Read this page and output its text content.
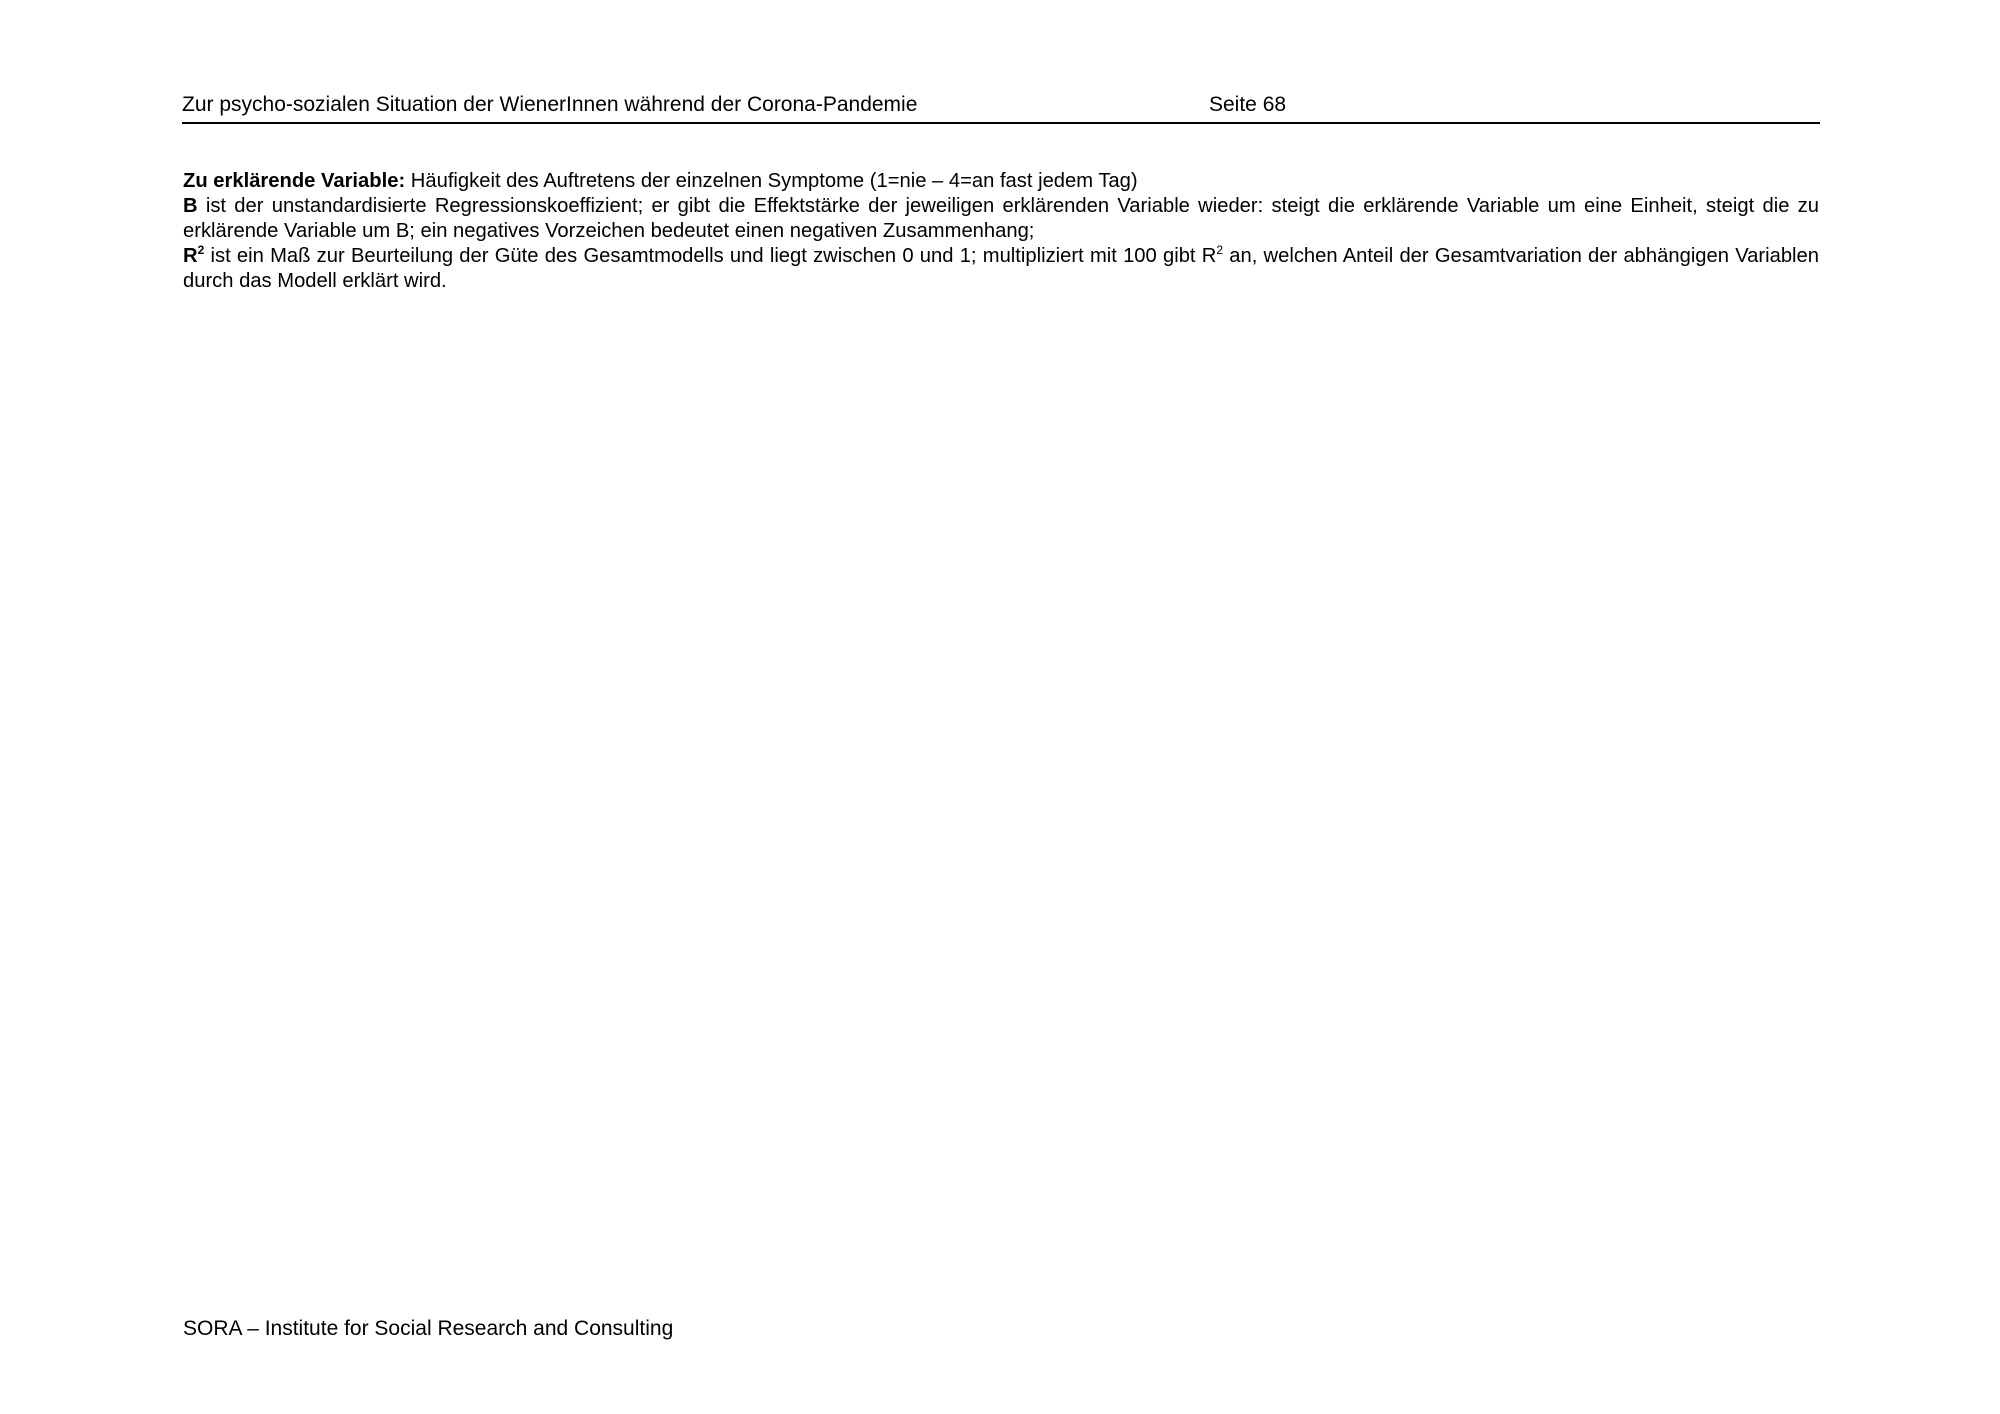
Zur psycho-sozialen Situation der WienerInnen während der Corona-Pandemie	Seite 68

Zu erklärende Variable: Häufigkeit des Auftretens der einzelnen Symptome (1=nie – 4=an fast jedem Tag)

B ist der unstandardisierte Regressionskoeffizient; er gibt die Effektstärke der jeweiligen erklärenden Variable wieder: steigt die erklärende Variable um eine Einheit, steigt die zu erklärende Variable um B; ein negatives Vorzeichen bedeutet einen negativen Zusammenhang;

$R^2$ ist ein Maß zur Beurteilung der Güte des Gesamtmodells und liegt zwischen 0 und 1; multipliziert mit 100 gibt $R^2$ an, welchen Anteil der Gesamtvariation der abhängigen Variablen durch das Modell erklärt wird.

SORA – Institute for Social Research and Consulting
